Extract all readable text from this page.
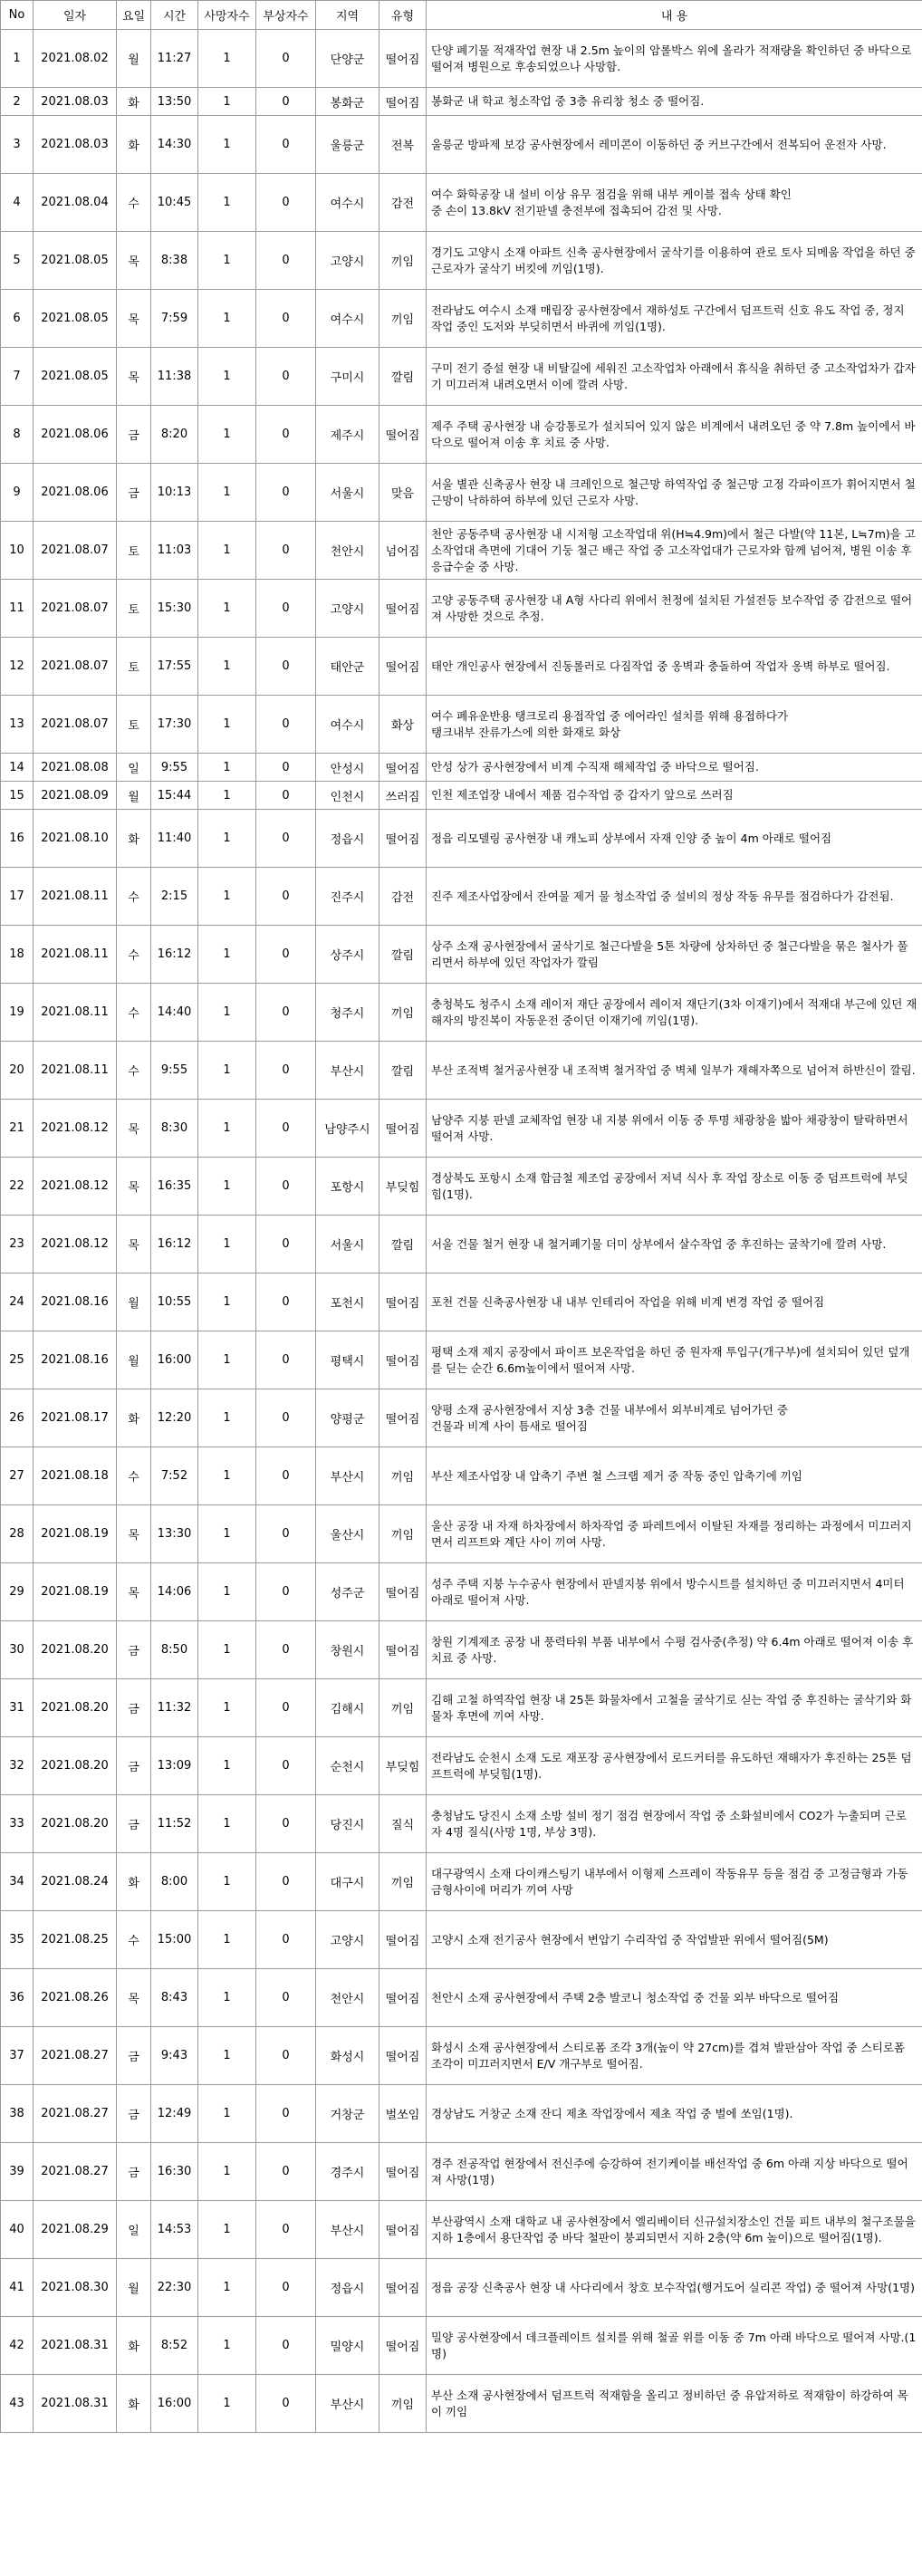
No	일자	요일	시간	사망자수	부상자수	지역	유형	내 용
1	2021.08.02	월	11:27	1	0	단양군	떨어짐	단양 폐기물 적재작업 현장 내 2.5m 높이의 암롤박스 위에 올라가 적재량을 확인하던 중 바닥으로 떨어져 병원으로 후송되었으나 사망함.
2	2021.08.03	화	13:50	1	0	봉화군	떨어짐	봉화군 내 학교 청소작업 중 3층 유리창 청소 중 떨어짐.
3	2021.08.03	화	14:30	1	0	울릉군	전복	울릉군 방파제 보강 공사현장에서 레미콘이 이동하던 중 커브구간에서 전복되어 운전자 사망.
4	2021.08.04	수	10:45	1	0	여수시	감전	여수 화학공장 내 설비 이상 유무 점검을 위해 내부 케이블 접속 상태 확인
중 손이 13.8kV 전기판넬 충전부에 접촉되어 감전 및 사망.
5	2021.08.05	목	8:38	1	0	고양시	끼임	경기도 고양시 소재 아파트 신축 공사현장에서 굴삭기를 이용하여 관로 토사 되메움 작업을 하던 중 근로자가 굴삭기 버킷에 끼임(1명).
6	2021.08.05	목	7:59	1	0	여수시	끼임	전라남도 여수시 소재 매립장 공사현장에서 재하성토 구간에서 덤프트럭 신호 유도 작업 중, 정지 작업 중인 도저와 부딪히면서 바퀴에 끼임(1명).
7	2021.08.05	목	11:38	1	0	구미시	깔림	구미 전기 증설 현장 내 비탈길에 세워진 고소작업차 아래에서 휴식을 취하던 중 고소작업차가 갑자기 미끄러져 내려오면서 이에 깔려 사망.
8	2021.08.06	금	8:20	1	0	제주시	떨어짐	제주 주택 공사현장 내 승강통로가 설치되어 있지 않은 비계에서 내려오던 중 약 7.8m 높이에서 바닥으로 떨어져 이송 후 치료 중 사망.
9	2021.08.06	금	10:13	1	0	서울시	맞음	서울 별관 신축공사 현장 내 크레인으로 철근망 하역작업 중 철근망 고정 각파이프가 휘어지면서 철근망이 낙하하여 하부에 있던 근로자 사망.
10	2021.08.07	토	11:03	1	0	천안시	넘어짐	천안 공동주택 공사현장 내 시저형 고소작업대 위(H≒4.9m)에서 철근 다발(약 11본, L≒7m)을 고소작업대 측면에 기대어 기둥 철근 배근 작업 중 고소작업대가 근로자와 함께 넘어져, 병원 이송 후 응급수술 중 사망.
11	2021.08.07	토	15:30	1	0	고양시	떨어짐	고양 공동주택 공사현장 내 A형 사다리 위에서 천정에 설치된 가설전등 보수작업 중 감전으로 떨어져 사망한 것으로 추정.
12	2021.08.07	토	17:55	1	0	태안군	떨어짐	태안 개인공사 현장에서 진동롤러로 다짐작업 중 옹벽과 충돌하여 작업자 옹벽 하부로 떨어짐.
13	2021.08.07	토	17:30	1	0	여수시	화상	여수 폐유운반용 탱크로리 용접작업 중 에어라인 설치를 위해 용접하다가
탱크내부 잔류가스에 의한 화재로 화상
14	2021.08.08	일	9:55	1	0	안성시	떨어짐	안성 상가 공사현장에서 비계 수직재 해체작업 중 바닥으로 떨어짐.
15	2021.08.09	월	15:44	1	0	인천시	쓰러짐	인천 제조업장 내에서 제품 검수작업 중 갑자기 앞으로 쓰러짐
16	2021.08.10	화	11:40	1	0	정읍시	떨어짐	정읍 리모델링 공사현장 내 캐노피 상부에서 자재 인양 중 높이 4m 아래로 떨어짐
17	2021.08.11	수	2:15	1	0	진주시	감전	진주 제조사업장에서 잔여물 제거 물 청소작업 중 설비의 정상 작동 유무를 점검하다가 감전됨.
18	2021.08.11	수	16:12	1	0	상주시	깔림	상주 소재 공사현장에서 굴삭기로 철근다발을 5톤 차량에 상차하던 중 철근다발을 묶은 철사가 풀리면서 하부에 있던 작업자가 깔림
19	2021.08.11	수	14:40	1	0	청주시	끼임	충청북도 청주시 소재 레이저 재단 공장에서 레이저 재단기(3차 이재기)에서 적재대 부근에 있던 재해자의 방진복이 자동운전 중이던 이재기에 끼임(1명).
20	2021.08.11	수	9:55	1	0	부산시	깔림	부산 조적벽 철거공사현장 내 조적벽 철거작업 중 벽체 일부가 재해자쪽으로 넘어져 하반신이 깔림.
21	2021.08.12	목	8:30	1	0	남양주시	떨어짐	남양주 지붕 판넬 교체작업 현장 내 지붕 위에서 이동 중 투명 채광창을 밟아 채광창이 탈락하면서 떨어져 사망.
22	2021.08.12	목	16:35	1	0	포항시	부딪힘	경상북도 포항시 소재 합금철 제조업 공장에서 저녁 식사 후 작업 장소로 이동 중 덤프트럭에 부딪힘(1명).
23	2021.08.12	목	16:12	1	0	서울시	깔림	서울 건물 철거 현장 내 철거폐기물 더미 상부에서 살수작업 중 후진하는 굴착기에 깔려 사망.
24	2021.08.16	월	10:55	1	0	포천시	떨어짐	포천 건물 신축공사현장 내 내부 인테리어 작업을 위해 비계 변경 작업 중 떨어짐
25	2021.08.16	월	16:00	1	0	평택시	떨어짐	평택 소재 제지 공장에서 파이프 보온작업을 하던 중 원자재 투입구(개구부)에 설치되어 있던 덮개를 딛는 순간 6.6m높이에서 떨어져 사망.
26	2021.08.17	화	12:20	1	0	양평군	떨어짐	양평 소재 공사현장에서 지상 3층 건물 내부에서 외부비계로 넘어가던 중
건물과 비계 사이 틈새로 떨어짐
27	2021.08.18	수	7:52	1	0	부산시	끼임	부산 제조사업장 내 압축기 주변 철 스크랩 제거 중 작동 중인 압축기에 끼임
28	2021.08.19	목	13:30	1	0	울산시	끼임	울산 공장 내 자재 하차장에서 하차작업 중 파레트에서 이탈된 자재를 정리하는 과정에서 미끄러지면서 리프트와 계단 사이 끼여 사망.
29	2021.08.19	목	14:06	1	0	성주군	떨어짐	성주 주택 지붕 누수공사 현장에서 판넬지붕 위에서 방수시트를 설치하던 중 미끄러지면서 4미터 아래로 떨어져 사망.
30	2021.08.20	금	8:50	1	0	창원시	떨어짐	창원 기계제조 공장 내 풍력타워 부품 내부에서 수평 검사중(추정) 약 6.4m 아래로 떨어져 이송 후 치료 중 사망.
31	2021.08.20	금	11:32	1	0	김해시	끼임	김해 고철 하역작업 현장 내 25톤 화물차에서 고철을 굴삭기로 싣는 작업 중 후진하는 굴삭기와 화물차 후면에 끼여 사망.
32	2021.08.20	금	13:09	1	0	순천시	부딪힘	전라남도 순천시 소재 도로 재포장 공사현장에서 로드커터를 유도하던 재해자가 후진하는 25톤 덤프트럭에 부딪힘(1명).
33	2021.08.20	금	11:52	1	0	당진시	질식	충청남도 당진시 소재 소방 설비 정기 점검 현장에서 작업 중 소화설비에서 CO2가 누출되며 근로자 4명 질식(사망 1명, 부상 3명).
34	2021.08.24	화	8:00	1	0	대구시	끼임	대구광역시 소재 다이캐스팅기 내부에서 이형제 스프레이 작동유무 등을 점검 중 고정금형과 가동금형사이에 머리가 끼여 사망
35	2021.08.25	수	15:00	1	0	고양시	떨어짐	고양시 소재 전기공사 현장에서 변압기 수리작업 중 작업발판 위에서 떨어짐(5M)
36	2021.08.26	목	8:43	1	0	천안시	떨어짐	천안시 소재 공사현장에서 주택 2층 발코니 청소작업 중 건물 외부 바닥으로 떨어짐
37	2021.08.27	금	9:43	1	0	화성시	떨어짐	화성시 소재 공사현장에서 스티로폼 조각 3개(높이 약 27cm)를 겹쳐 발판삼아 작업 중 스티로폼 조각이 미끄러지면서 E/V 개구부로 떨어짐.
38	2021.08.27	금	12:49	1	0	거창군	벌쏘임	경상남도 거창군 소재 잔디 제초 작업장에서 제초 작업 중 벌에 쏘임(1명).
39	2021.08.27	금	16:30	1	0	경주시	떨어짐	경주 전공작업 현장에서 전신주에 승강하여 전기케이블 배선작업 중 6m 아래 지상 바닥으로 떨어져 사망(1명)
40	2021.08.29	일	14:53	1	0	부산시	떨어짐	부산광역시 소재 대학교 내 공사현장에서 엘리베이터 신규설치장소인 건물 피트 내부의 철구조물을 지하 1층에서 용단작업 중 바닥 철판이 붕괴되면서 지하 2층(약 6m 높이)으로 떨어짐(1명).
41	2021.08.30	월	22:30	1	0	정읍시	떨어짐	정읍 공장 신축공사 현장 내 사다리에서 창호 보수작업(행거도어 실리콘 작업) 중 떨어져 사망(1명)
42	2021.08.31	화	8:52	1	0	밀양시	떨어짐	밀양 공사현장에서 데크플레이트 설치를 위해 철골 위를 이동 중 7m 아래 바닥으로 떨어져 사망.(1명)
43	2021.08.31	화	16:00	1	0	부산시	끼임	부산 소재 공사현장에서 덤프트럭 적재함을 올리고 정비하던 중 유압저하로 적재함이 하강하여 목이 끼임
